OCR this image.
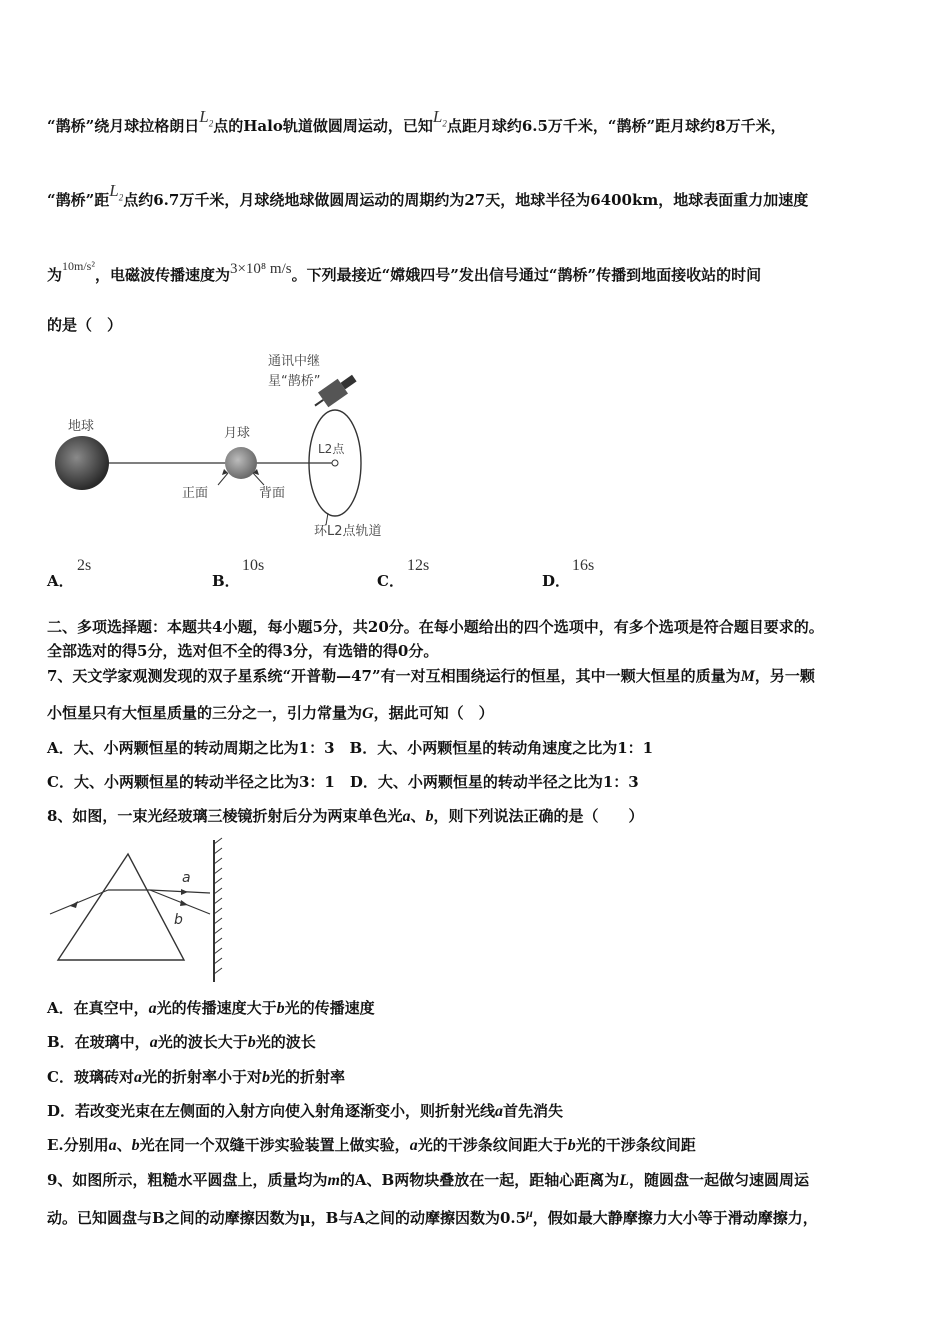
“鹊桥”绕月球拉格朗日$L_2$点的Halo轨道做圆周运动，已知$L_2$点距月球约6.5万千米，“鹊桥”距月球约8万千米，
“鹊桥”距$L_2$点约6.7万千米，月球绕地球做圆周运动的周期约为27天，地球半径为6400km，地球表面重力加速度
为$^{10m/s^2}$，电磁波传播速度为3×10⁸ m/s。下列最接近“嫦娥四号”发出信号通过“鹊桥”传播到地面接收站的时间
的是（　）
通讯中继
星“鹊桥”
地球	月球
L2点
正面	背面
环L2点轨道
A．
2s
B．
10s
C．
12s
D．
16s
二、多项选择题：本题共4小题，每小题5分，共20分。在每小题给出的四个选项中，有多个选项是符合题目要求的。
全部选对的得5分，选对但不全的得3分，有选错的得0分。
7、天文学家观测发现的双子星系统“开普勒—47”有一对互相围绕运行的恒星，其中一颗大恒星的质量为M，另一颗
小恒星只有大恒星质量的三分之一，引力常量为G，据此可知（　）
A．大、小两颗恒星的转动周期之比为1：3　B．大、小两颗恒星的转动角速度之比为1：1
C．大、小两颗恒星的转动半径之比为3：1　D．大、小两颗恒星的转动半径之比为1：3
8、如图，一束光经玻璃三棱镜折射后分为两束单色光a、b，则下列说法正确的是（　　）
a
b
A．在真空中，a光的传播速度大于b光的传播速度
B．在玻璃中，a光的波长大于b光的波长
C．玻璃砖对a光的折射率小于对b光的折射率
D．若改变光束在左侧面的入射方向使入射角逐渐变小，则折射光线a首先消失
E.分别用a、b光在同一个双缝干涉实验装置上做实验，a光的干涉条纹间距大于b光的干涉条纹间距
9、如图所示，粗糙水平圆盘上，质量均为m的A、B两物块叠放在一起，距轴心距离为L，随圆盘一起做匀速圆周运
动。已知圆盘与B之间的动摩擦因数为μ，B与A之间的动摩擦因数为$0.5^\mu$，假如最大静摩擦力大小等于滑动摩擦力，
